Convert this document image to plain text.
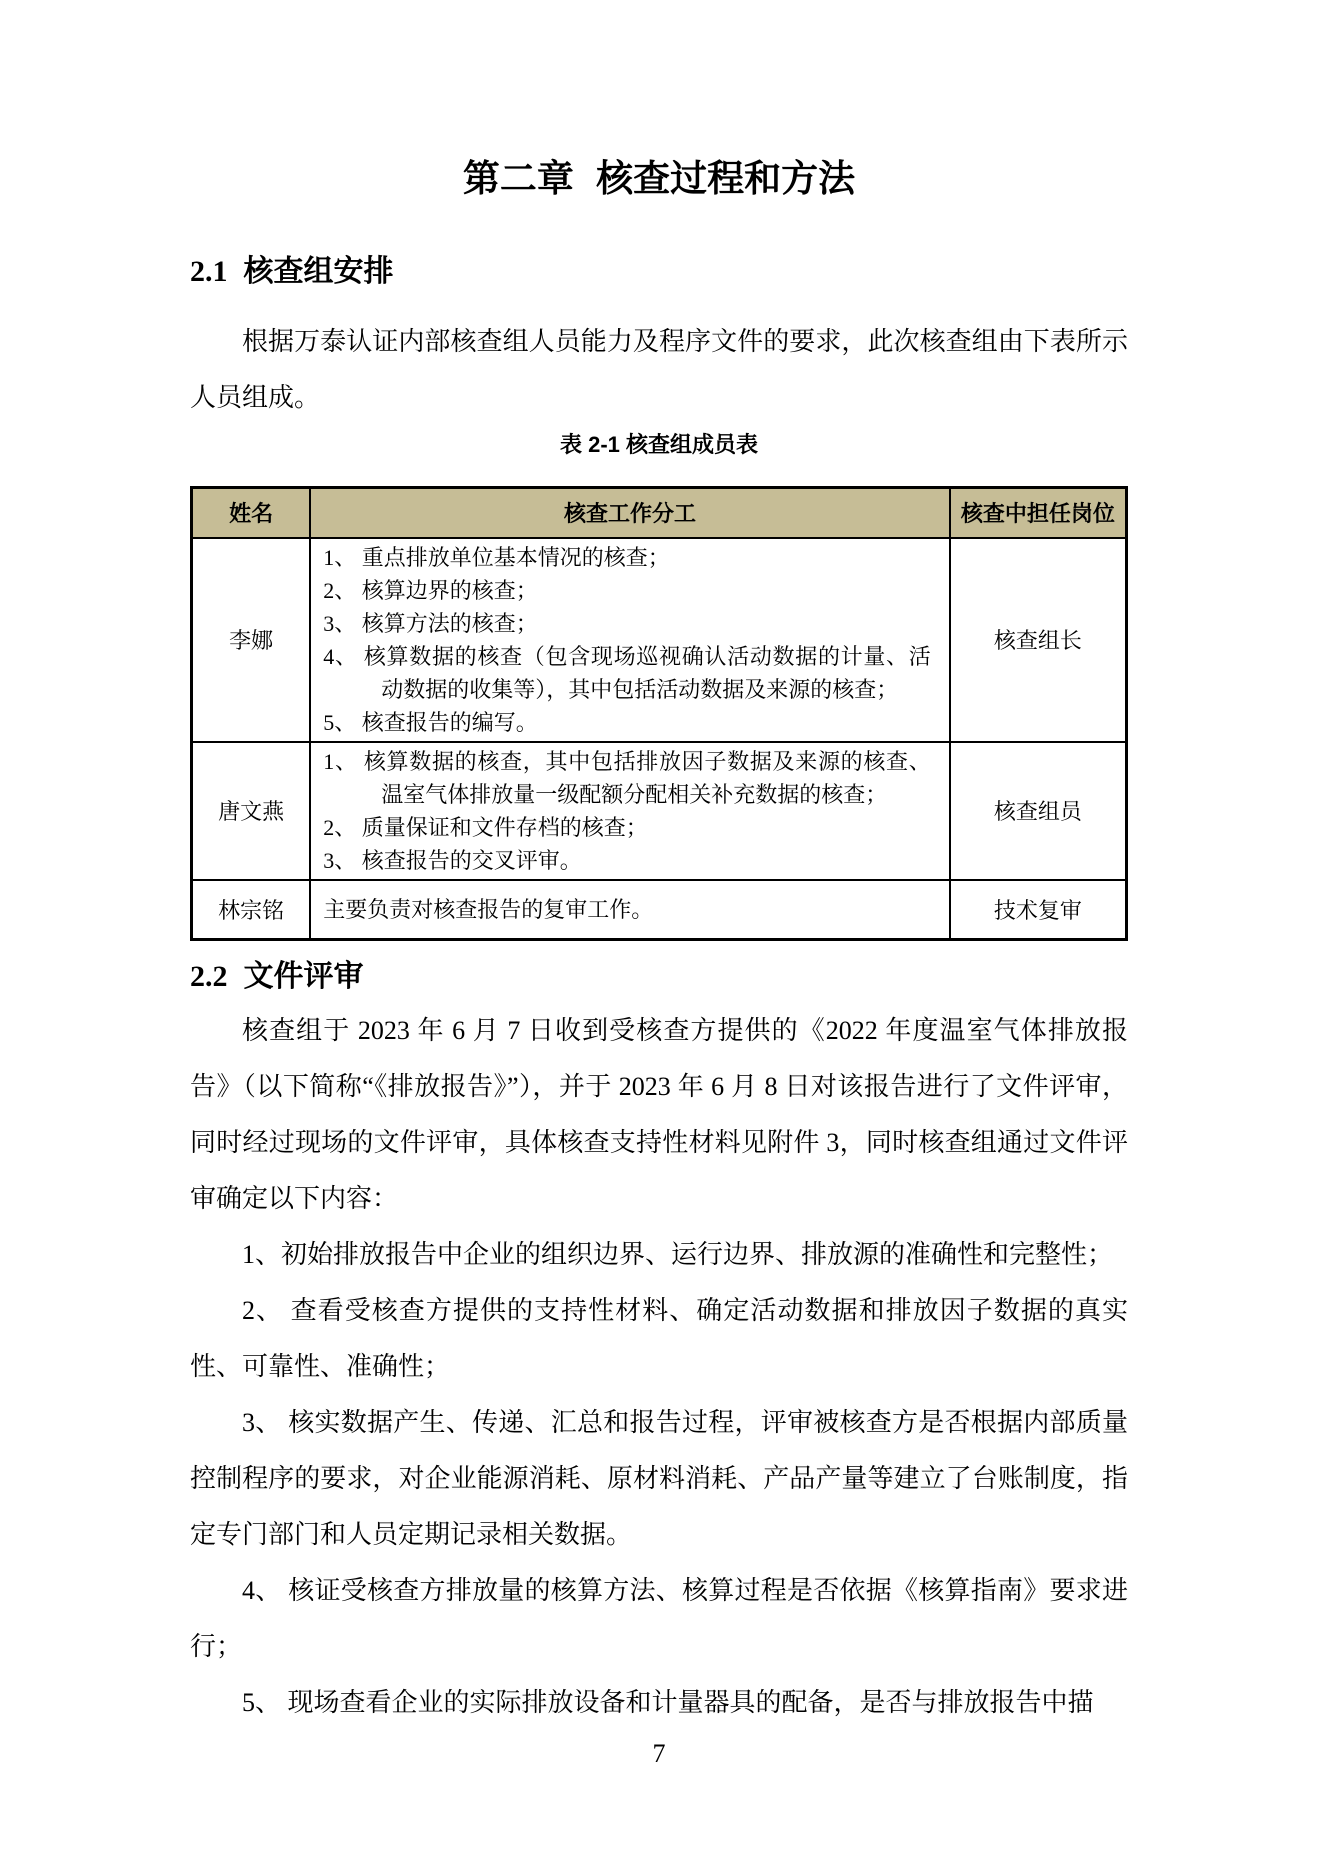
第二章 核查过程和方法
2.1 核查组安排

根据万泰认证内部核查组人员能力及程序文件的要求，此次核查组由下表所示人员组成。

表 2-1 核查组成员表
姓名	核查工作分工	核查中担任岗位
李娜	1、 重点排放单位基本情况的核查；
2、 核算边界的核查；
3、 核算方法的核查；
4、 核算数据的核查（包含现场巡视确认活动数据的计量、活动数据的收集等），其中包括活动数据及来源的核查；
5、 核查报告的编写。	核查组长
唐文燕	1、 核算数据的核查，其中包括排放因子数据及来源的核查、温室气体排放量一级配额分配相关补充数据的核查；
2、 质量保证和文件存档的核查；
3、 核查报告的交叉评审。	核查组员
林宗铭	主要负责对核查报告的复审工作。	技术复审
2.2 文件评审

核查组于 2023 年 6 月 7 日收到受核查方提供的《2022 年度温室气体排放报告》（以下简称“《排放报告》”），并于 2023 年 6 月 8 日对该报告进行了文件评审，同时经过现场的文件评审，具体核查支持性材料见附件 3，同时核查组通过文件评审确定以下内容：

1、初始排放报告中企业的组织边界、运行边界、排放源的准确性和完整性；

2、 查看受核查方提供的支持性材料、确定活动数据和排放因子数据的真实性、可靠性、准确性；

3、 核实数据产生、传递、汇总和报告过程，评审被核查方是否根据内部质量控制程序的要求，对企业能源消耗、原材料消耗、产品产量等建立了台账制度，指定专门部门和人员定期记录相关数据。

4、 核证受核查方排放量的核算方法、核算过程是否依据《核算指南》要求进行；

5、 现场查看企业的实际排放设备和计量器具的配备，是否与排放报告中描

7
